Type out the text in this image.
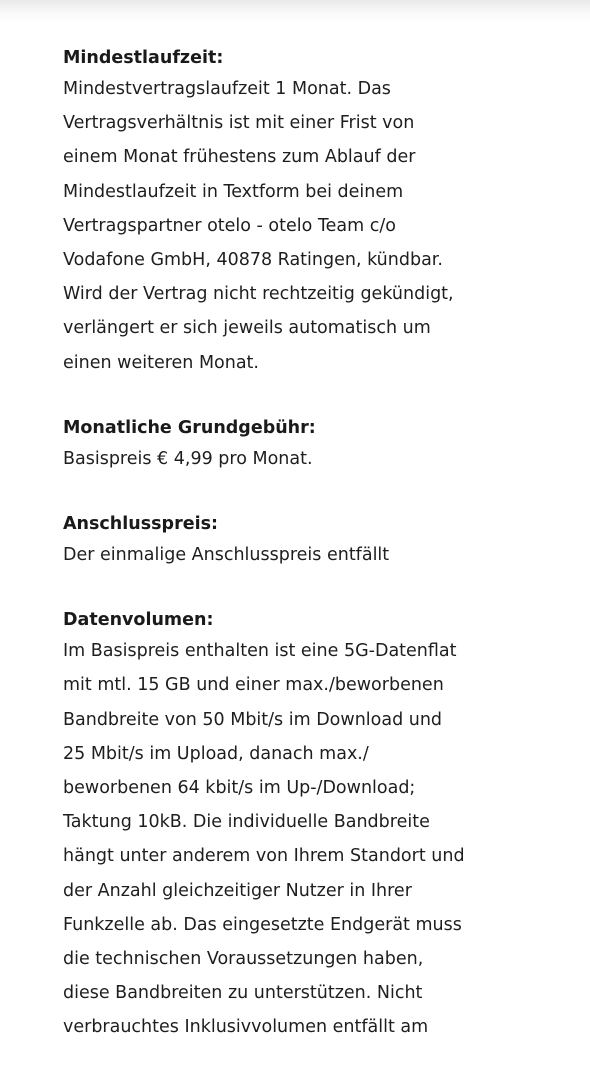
Mindestlaufzeit:

Mindestvertragslaufzeit 1 Monat. Das
Vertragsverhältnis ist mit einer Frist von
einem Monat frühestens zum Ablauf der
Mindestlaufzeit in Textform bei deinem
Vertragspartner otelo - otelo Team c/o
Vodafone GmbH, 40878 Ratingen, kündbar.
Wird der Vertrag nicht rechtzeitig gekündigt,
verlängert er sich jeweils automatisch um
einen weiteren Monat.

Monatliche Grundgebühr:

Basispreis € 4,99 pro Monat.

Anschlusspreis:

Der einmalige Anschlusspreis entfällt

Datenvolumen:

Im Basispreis enthalten ist eine 5G-Datenflat
mit mtl. 15 GB und einer max./beworbenen
Bandbreite von 50 Mbit/s im Download und
25 Mbit/s im Upload, danach max./
beworbenen 64 kbit/s im Up-/Download;
Taktung 10kB. Die individuelle Bandbreite
hängt unter anderem von Ihrem Standort und
der Anzahl gleichzeitiger Nutzer in Ihrer
Funkzelle ab. Das eingesetzte Endgerät muss
die technischen Voraussetzungen haben,
diese Bandbreiten zu unterstützen. Nicht
verbrauchtes Inklusivvolumen entfällt am
